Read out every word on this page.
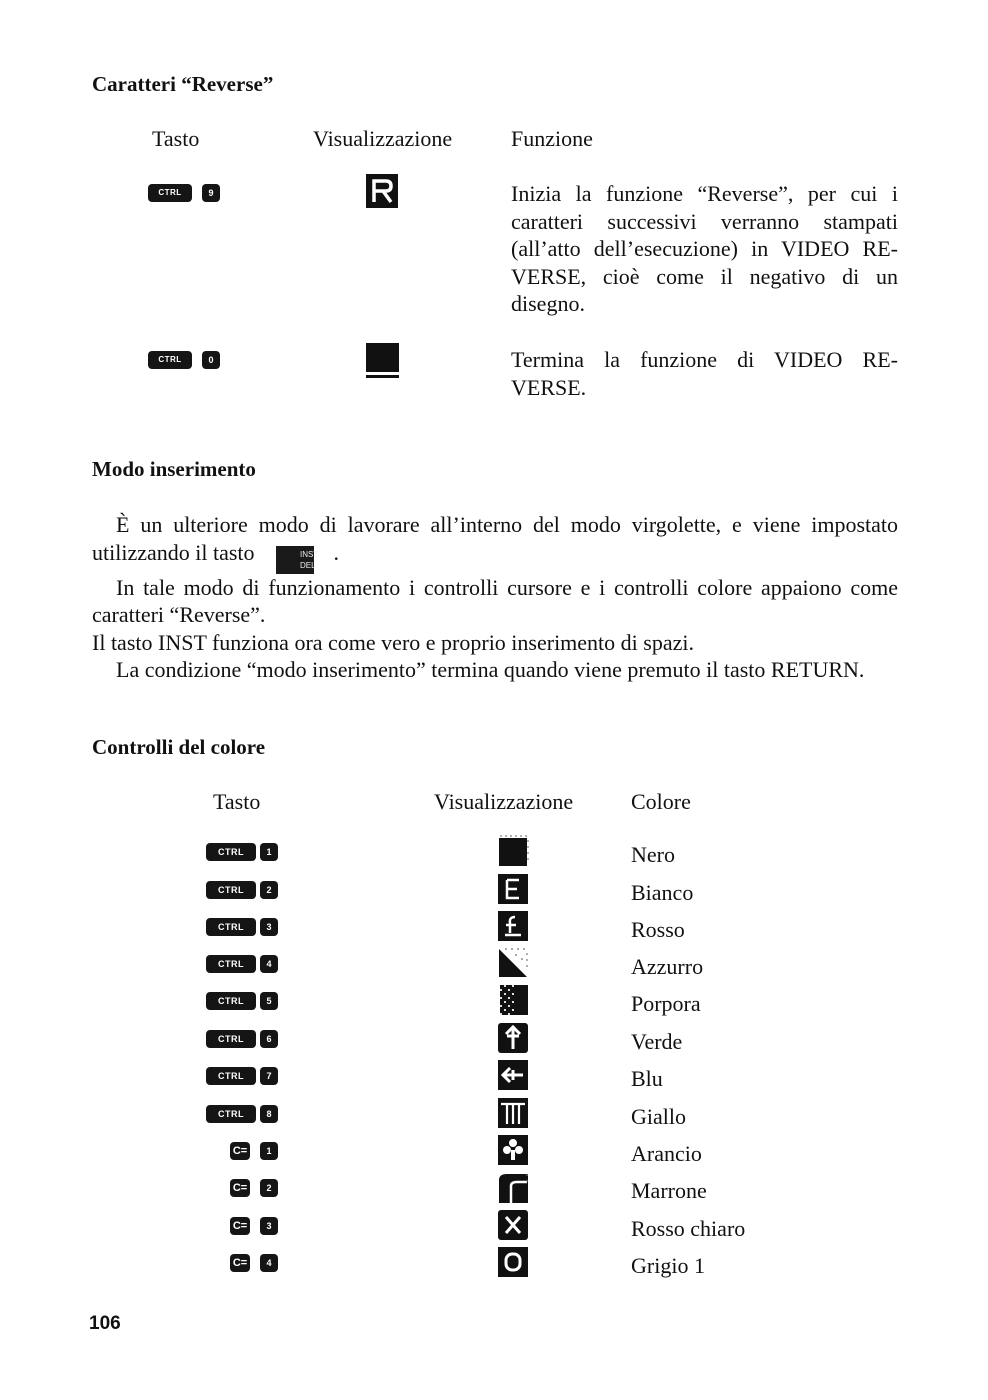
Caratteri “Reverse”
Tasto	Visualizzazione	Funzione
CTRL	9	Inizia la funzione “Reverse”, per cui i caratteri successivi verranno stampati (all’atto dell’esecuzione) in VIDEO RE-VERSE, cioè come il negativo di un disegno.
CTRL	0	Termina la funzione di VIDEO RE-VERSE.
Modo inserimento
È un ulteriore modo di lavorare all’interno del modo virgolette, e viene impostato utilizzando il tasto	INST
DEL
.
In tale modo di funzionamento i controlli cursore e i controlli colore appaiono come caratteri “Reverse”.
Il tasto INST funziona ora come vero e proprio inserimento di spazi.
La condizione “modo inserimento” termina quando viene premuto il tasto RETURN.
Controlli del colore
Tasto	Visualizzazione	Colore
CTRL	1	Nero
CTRL	2	Bianco
CTRL	3	Rosso
CTRL	4	Azzurro
CTRL	5	Porpora
CTRL	6	Verde
CTRL	7	Blu
CTRL	8	Giallo
C=	1	Arancio
C=	2	Marrone
C=	3	Rosso chiaro
C=	4	Grigio 1
106
